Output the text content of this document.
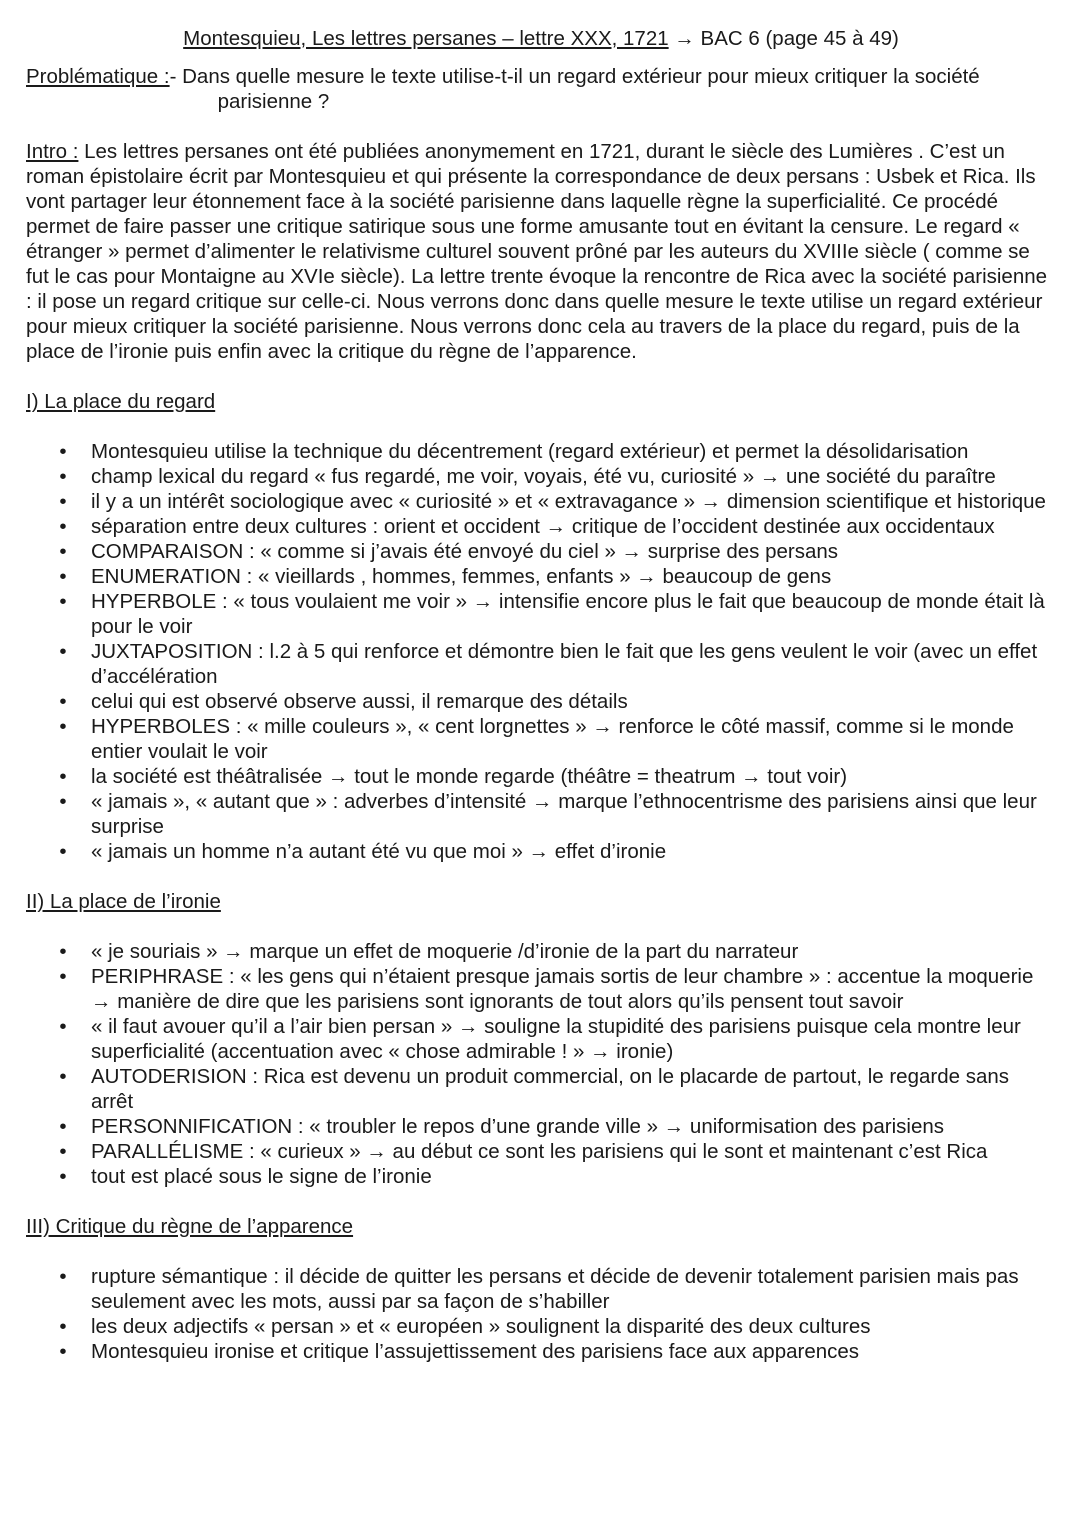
Montesquieu, Les lettres persanes – lettre XXX, 1721 → BAC 6 (page 45 à 49)
Problématique : - Dans quelle mesure le texte utilise-t-il un regard extérieur pour mieux critiquer la société
parisienne ?
Intro : Les lettres persanes ont été publiées anonymement en 1721, durant le siècle des Lumières . C’est un roman épistolaire écrit par Montesquieu et qui présente la correspondance de deux persans : Usbek et Rica. Ils vont partager leur étonnement face à la société parisienne dans laquelle règne la superficialité. Ce procédé permet de faire passer une critique satirique sous une forme amusante tout en évitant la censure. Le regard « étranger » permet d’alimenter le relativisme culturel souvent prôné par les auteurs du XVIIIe siècle ( comme se fut le cas pour Montaigne au XVIe siècle). La lettre trente évoque la rencontre de Rica avec la société parisienne : il pose un regard critique sur celle-ci. Nous verrons donc dans quelle mesure le texte utilise un regard extérieur pour mieux critiquer la société parisienne. Nous verrons donc cela au travers de la place du regard, puis de la place de l’ironie puis enfin avec la critique du règne de l’apparence.
I) La place du regard
• Montesquieu utilise la technique du décentrement (regard extérieur) et permet la désolidarisation
• champ lexical du regard « fus regardé, me voir, voyais, été vu, curiosité » → une société du paraître
• il y a un intérêt sociologique avec « curiosité » et « extravagance » → dimension scientifique et historique
• séparation entre deux cultures : orient et occident → critique de l’occident destinée aux occidentaux
• COMPARAISON : « comme si j’avais été envoyé du ciel » → surprise des persans
• ENUMERATION : « vieillards , hommes, femmes, enfants » → beaucoup de gens
• HYPERBOLE : « tous voulaient me voir » → intensifie encore plus le fait que beaucoup de monde était là pour le voir
• JUXTAPOSITION : l.2 à 5 qui renforce et démontre bien le fait que les gens veulent le voir (avec un effet d’accélération
• celui qui est observé observe aussi, il remarque des détails
• HYPERBOLES : « mille couleurs », « cent lorgnettes » → renforce le côté massif, comme si le monde entier voulait le voir
• la société est théâtralisée → tout le monde regarde (théâtre = theatrum → tout voir)
• « jamais », « autant que » : adverbes d’intensité → marque l’ethnocentrisme des parisiens ainsi que leur surprise
• « jamais un homme n’a autant été vu que moi » → effet d’ironie
II) La place de l’ironie
• « je souriais » → marque un effet de moquerie /d’ironie de la part du narrateur
• PERIPHRASE : « les gens qui n’étaient presque jamais sortis de leur chambre » : accentue la moquerie → manière de dire que les parisiens sont ignorants de tout alors qu’ils pensent tout savoir
• « il faut avouer qu’il a l’air bien persan » → souligne la stupidité des parisiens puisque cela montre leur superficialité (accentuation avec « chose admirable ! » → ironie)
• AUTODERISION : Rica est devenu un produit commercial, on le placarde de partout, le regarde sans arrêt
• PERSONNIFICATION : « troubler le repos d’une grande ville » → uniformisation des parisiens
• PARALLÉLISME : « curieux » → au début ce sont les parisiens qui le sont et maintenant c’est Rica
• tout est placé sous le signe de l’ironie
III) Critique du règne de l’apparence
• rupture sémantique : il décide de quitter les persans et décide de devenir totalement parisien mais pas seulement avec les mots, aussi par sa façon de s’habiller
• les deux adjectifs « persan » et « européen » soulignent la disparité des deux cultures
• Montesquieu ironise et critique l’assujettissement des parisiens face aux apparences
